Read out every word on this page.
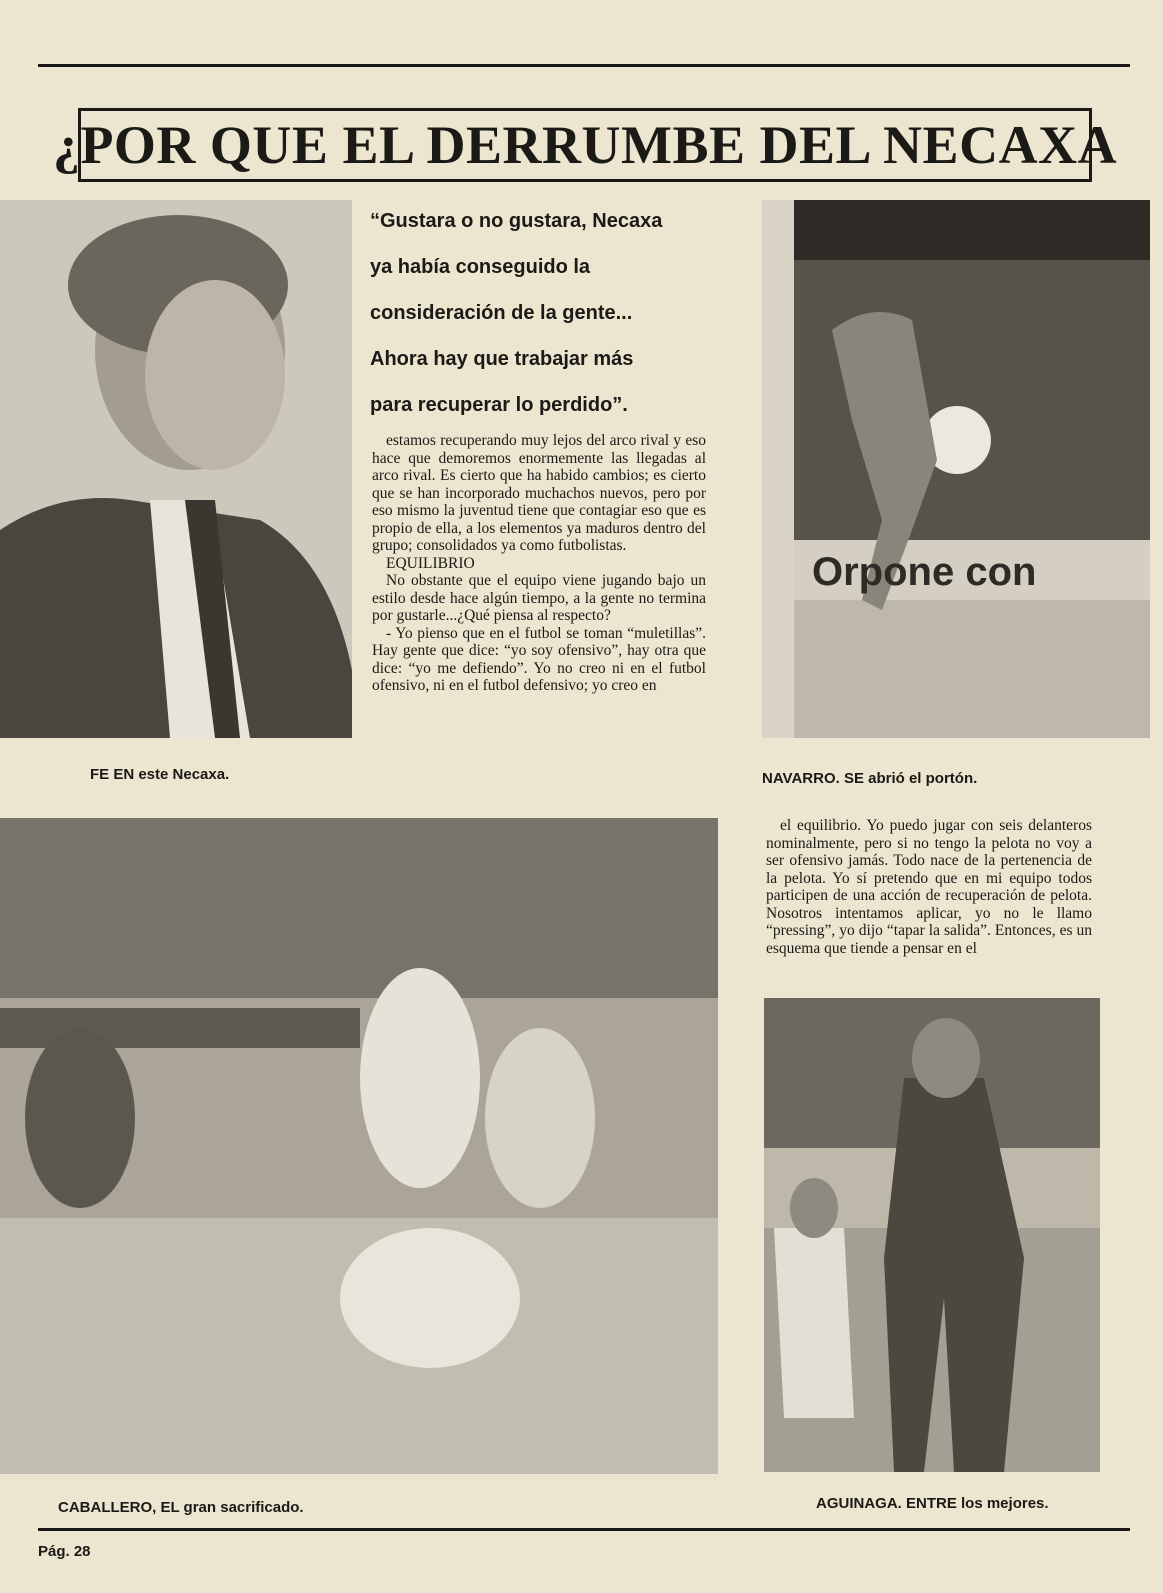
¿POR QUE EL DERRUMBE DEL NECAXA
FE EN este Necaxa.
“Gustara o no gustara, Necaxa
ya había conseguido la
consideración de la gente...
Ahora hay que trabajar más
para recuperar lo perdido”.

estamos recuperando muy lejos del arco rival y eso hace que demoremos enormemente las llegadas al arco rival. Es cierto que ha habido cambios; es cierto que se han incorporado muchachos nuevos, pero por eso mismo la juventud tiene que contagiar eso que es propio de ella, a los elementos ya maduros dentro del grupo; consolidados ya como futbolistas.

EQUILIBRIO

No obstante que el equipo viene jugando bajo un estilo desde hace algún tiempo, a la gente no termina por gustarle...¿Qué piensa al respecto?

- Yo pienso que en el futbol se toman “muletillas”. Hay gente que dice: “yo soy ofensivo”, hay otra que dice: “yo me defiendo”. Yo no creo ni en el futbol ofensivo, ni en el futbol defensivo; yo creo en

Orpone con
NAVARRO. SE abrió el portón.
CABALLERO, EL gran sacrificado.

el equilibrio. Yo puedo jugar con seis delanteros nominalmente, pero si no tengo la pelota no voy a ser ofensivo jamás. Todo nace de la pertenencia de la pelota. Yo sí pretendo que en mi equipo todos participen de una acción de recuperación de pelota. Nosotros intentamos aplicar, yo no le llamo “pressing”, yo dijo “tapar la salida”. Entonces, es un esquema que tiende a pensar en el

AGUINAGA. ENTRE los mejores.
Pág. 28
